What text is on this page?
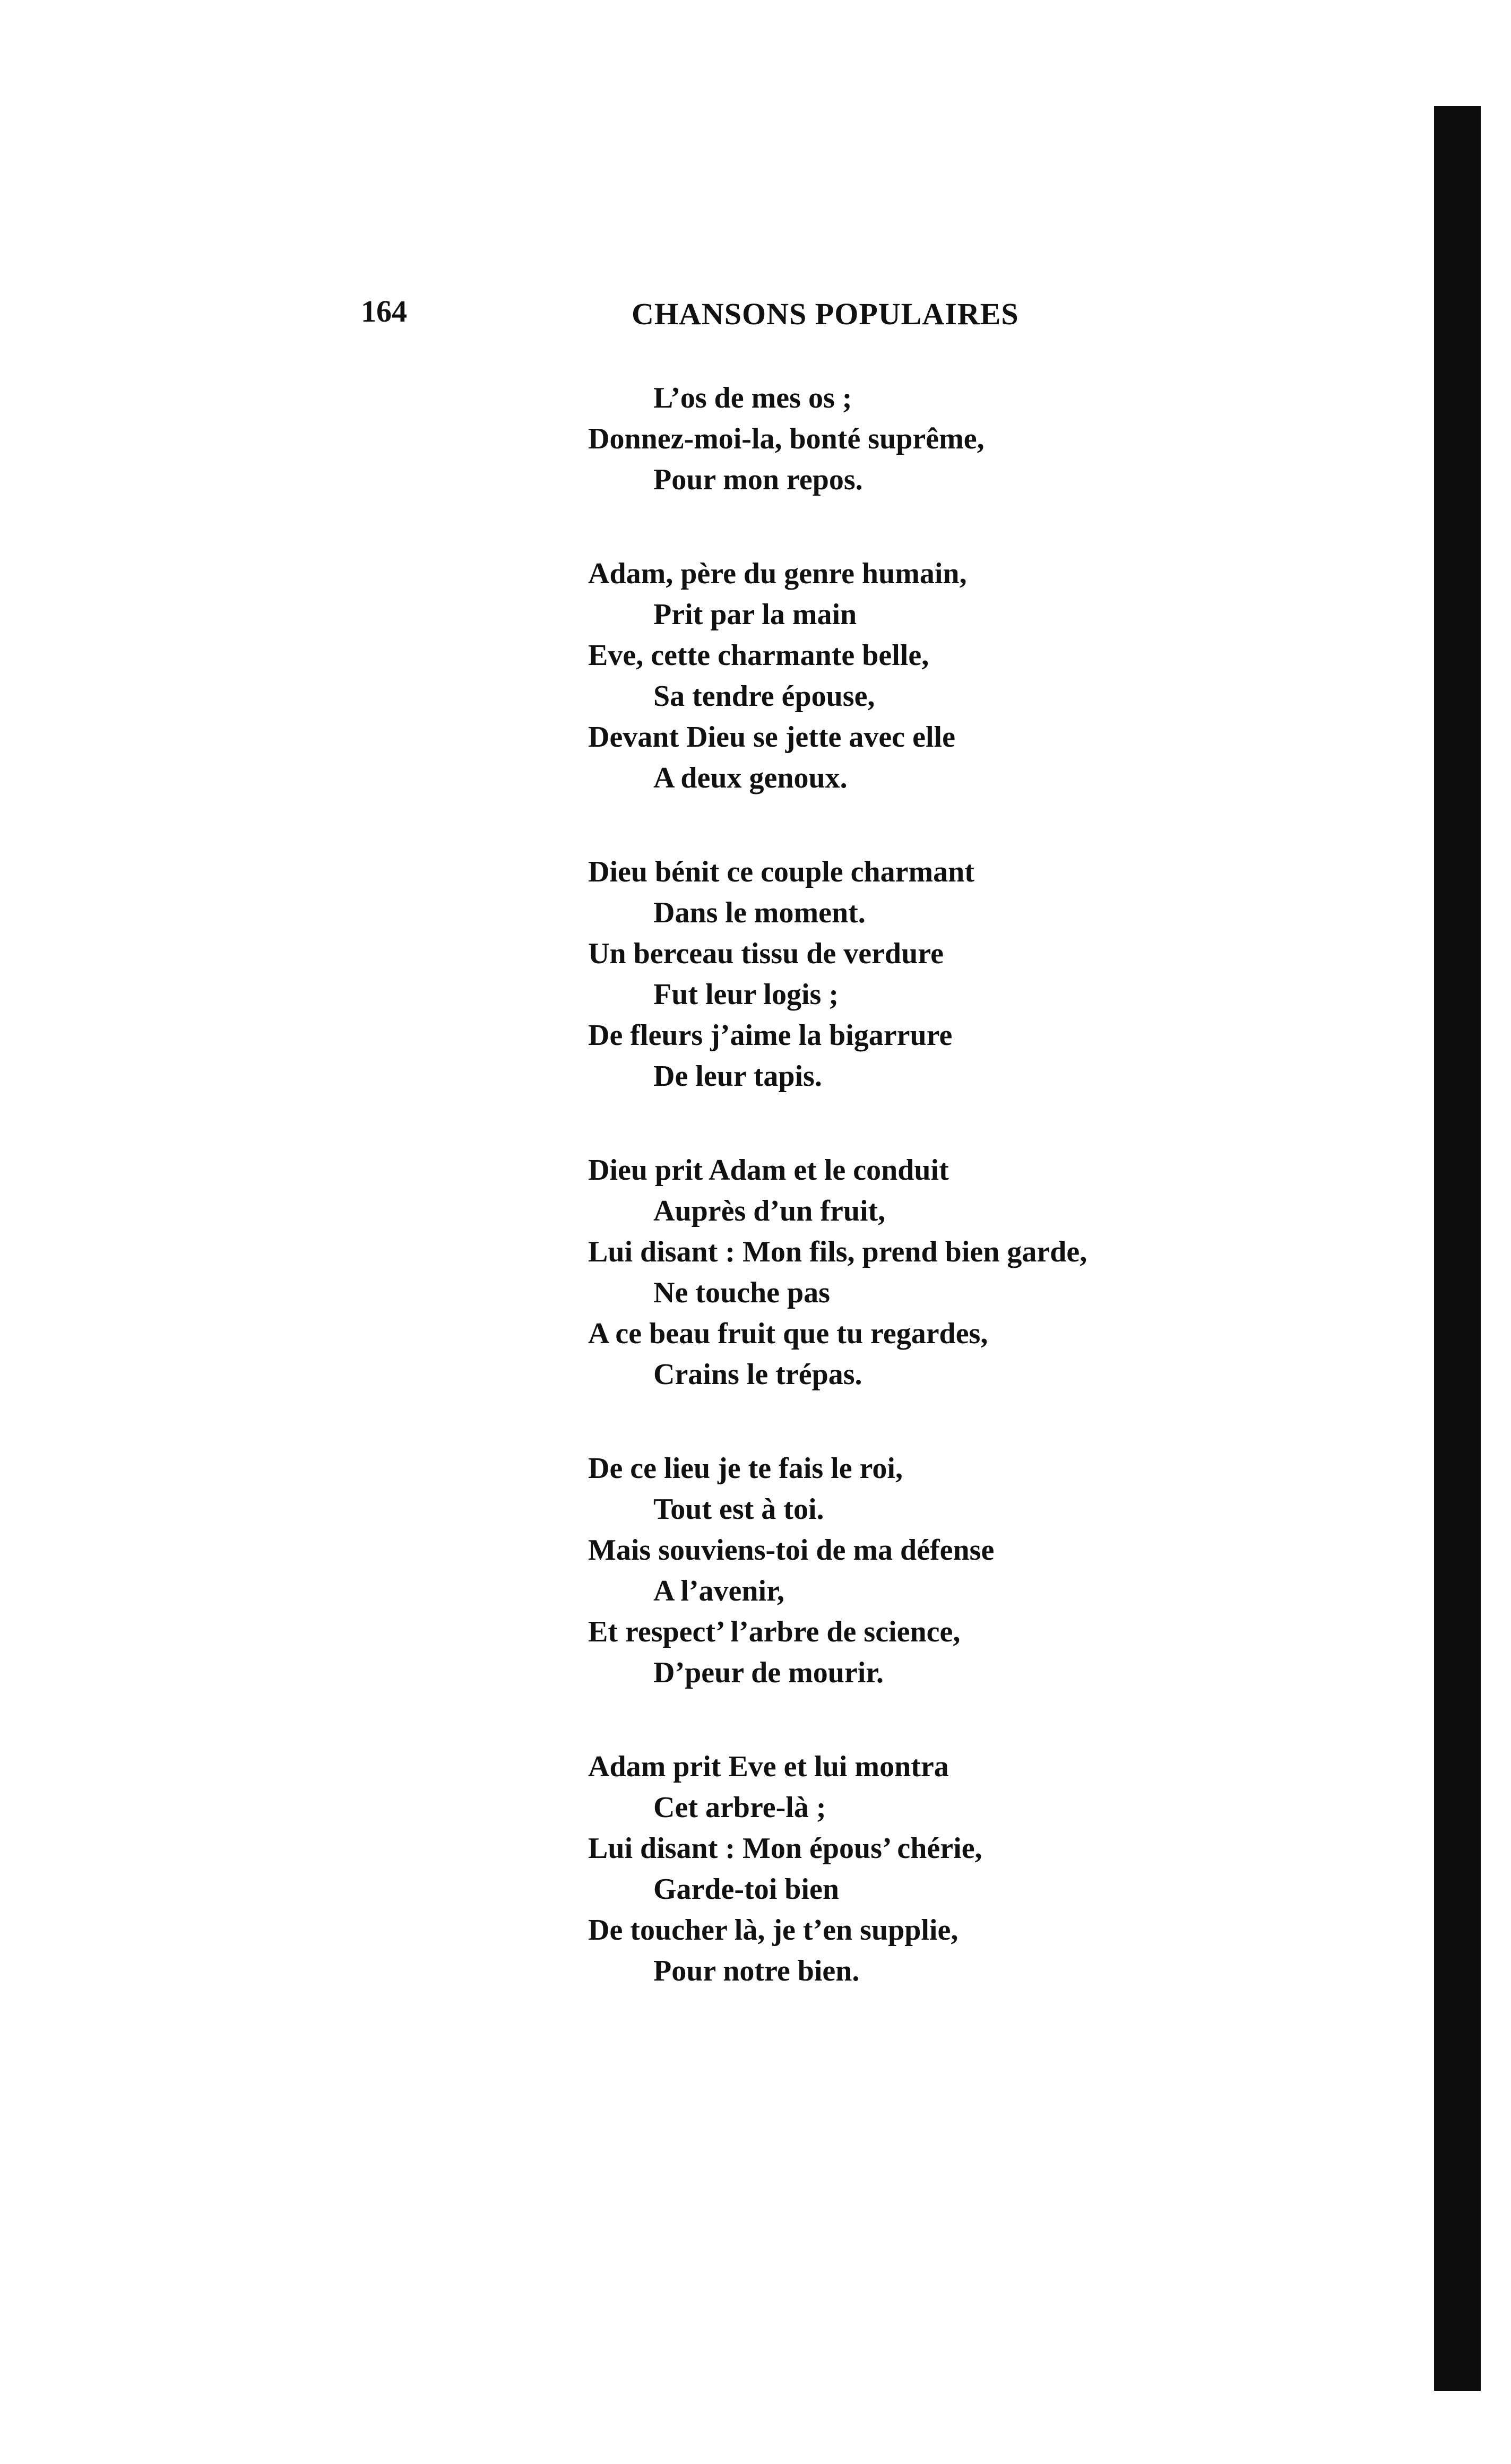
164	CHANSONS POPULAIRES
L’os de mes os ;
Donnez-moi-la, bonté suprême,
Pour mon repos.
Adam, père du genre humain,
Prit par la main
Eve, cette charmante belle,
Sa tendre épouse,
Devant Dieu se jette avec elle
A deux genoux.
Dieu bénit ce couple charmant
Dans le moment.
Un berceau tissu de verdure
Fut leur logis ;
De fleurs j’aime la bigarrure
De leur tapis.
Dieu prit Adam et le conduit
Auprès d’un fruit,
Lui disant : Mon fils, prend bien garde,
Ne touche pas
A ce beau fruit que tu regardes,
Crains le trépas.
De ce lieu je te fais le roi,
Tout est à toi.
Mais souviens-toi de ma défense
A l’avenir,
Et respect’ l’arbre de science,
D’peur de mourir.
Adam prit Eve et lui montra
Cet arbre-là ;
Lui disant : Mon épous’ chérie,
Garde-toi bien
De toucher là, je t’en supplie,
Pour notre bien.
